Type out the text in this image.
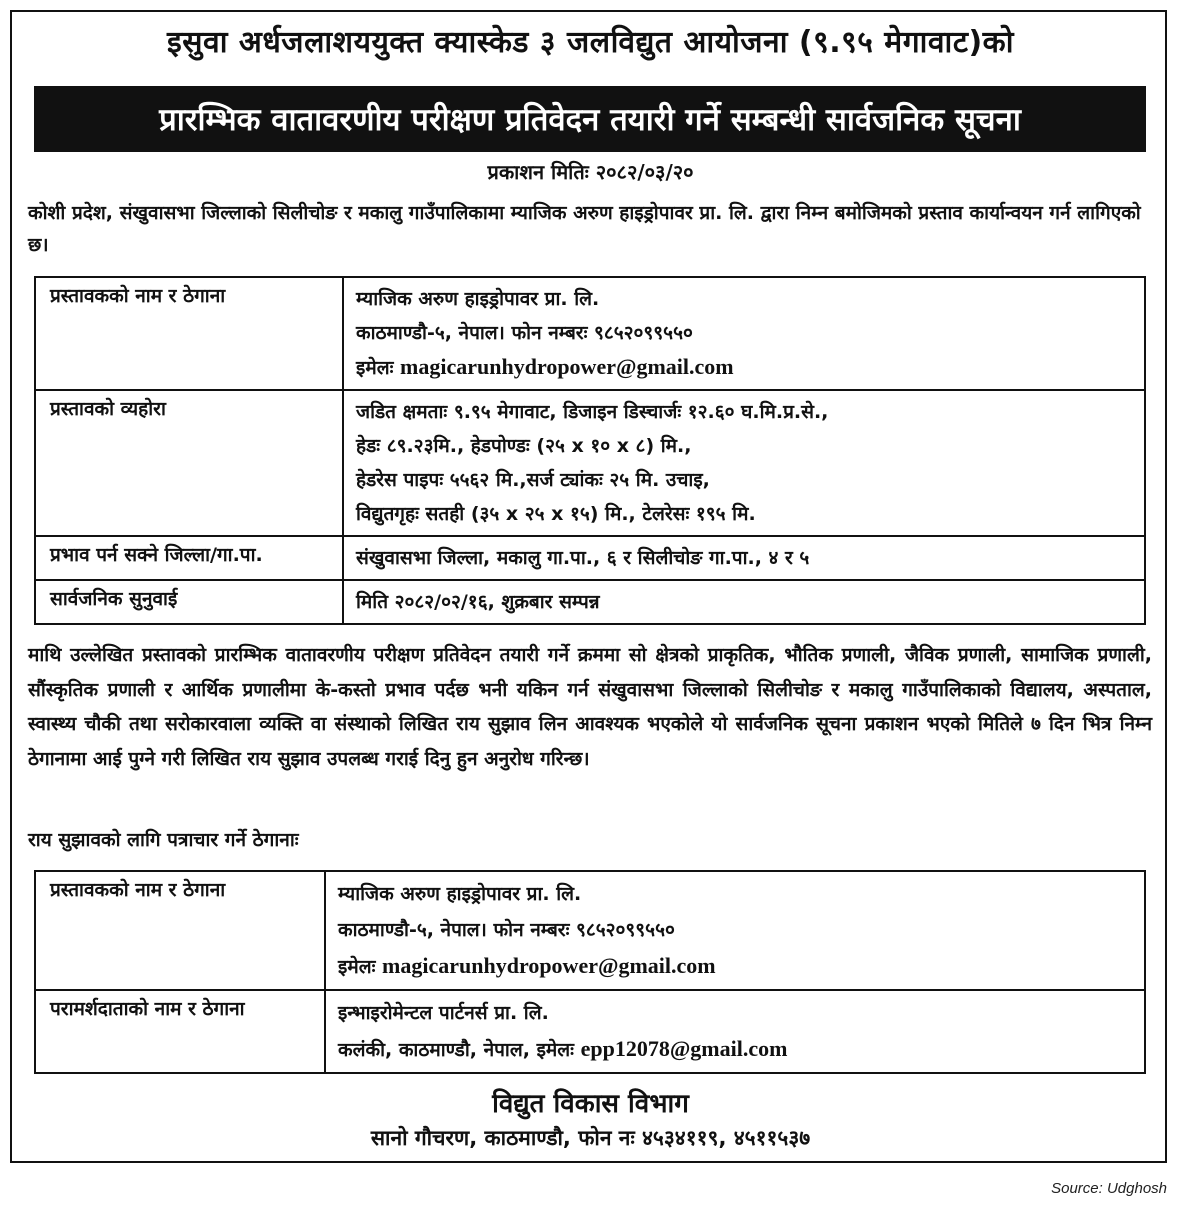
इसुवा अर्धजलाशययुक्त क्यास्केड ३ जलविद्युत आयोजना (९.९५ मेगावाट)को
प्रारम्भिक वातावरणीय परीक्षण प्रतिवेदन तयारी गर्ने सम्बन्धी सार्वजनिक सूचना
प्रकाशन मितिः २०८२/०३/२०
कोशी प्रदेश, संखुवासभा जिल्लाको सिलीचोङ र मकालु गाउँपालिकामा म्याजिक अरुण हाइड्रोपावर प्रा. लि. द्वारा निम्न बमोजिमको प्रस्ताव कार्यान्वयन गर्न लागिएको छ।
प्रस्तावकको नाम र ठेगाना	म्याजिक अरुण हाइड्रोपावर प्रा. लि.
काठमाण्डौ-५, नेपाल। फोन नम्बरः ९८५२०९९५५०
इमेलः magicarunhydropower@gmail.com

प्रस्तावको व्यहोरा	जडित क्षमताः ९.९५ मेगावाट, डिजाइन डिस्चार्जः १२.६० घ.मि.प्र.से.,
हेडः ८९.२३मि., हेडपोण्डः (२५ x १० x ८) मि.,
हेडरेस पाइपः ५५६२ मि.,सर्ज ट्यांकः २५ मि. उचाइ,
विद्युतगृहः सतही (३५ x २५ x १५) मि., टेलरेसः १९५ मि.

प्रभाव पर्न सक्ने जिल्ला/गा.पा.	संखुवासभा जिल्ला, मकालु गा.पा., ६ र सिलीचोङ गा.पा., ४ र ५

सार्वजनिक सुनुवाई	मिति २०८२/०२/१६, शुक्रबार सम्पन्न
माथि उल्लेखित प्रस्तावको प्रारम्भिक वातावरणीय परीक्षण प्रतिवेदन तयारी गर्ने क्रममा सो क्षेत्रको प्राकृतिक, भौतिक प्रणाली, जैविक प्रणाली, सामाजिक प्रणाली, सौंस्कृतिक प्रणाली र आर्थिक प्रणालीमा के-कस्तो प्रभाव पर्दछ भनी यकिन गर्न संखुवासभा जिल्लाको सिलीचोङ र मकालु गाउँपालिकाको विद्यालय, अस्पताल, स्वास्थ्य चौकी तथा सरोकारवाला व्यक्ति वा संस्थाको लिखित राय सुझाव लिन आवश्यक भएकोले यो सार्वजनिक सूचना प्रकाशन भएको मितिले ७ दिन भित्र निम्न ठेगानामा आई पुग्ने गरी लिखित राय सुझाव उपलब्ध गराई दिनु हुन अनुरोध गरिन्छ।
राय सुझावको लागि पत्राचार गर्ने ठेगानाः
प्रस्तावकको नाम र ठेगाना	म्याजिक अरुण हाइड्रोपावर प्रा. लि.
काठमाण्डौ-५, नेपाल। फोन नम्बरः ९८५२०९९५५०
इमेलः magicarunhydropower@gmail.com

परामर्शदाताको नाम र ठेगाना	इन्भाइरोमेन्टल पार्टनर्स प्रा. लि.
कलंकी, काठमाण्डौ, नेपाल, इमेलः epp12078@gmail.com
विद्युत विकास विभाग
सानो गौचरण, काठमाण्डौ, फोन नः ४५३४११९, ४५११५३७
Source: Udghosh
